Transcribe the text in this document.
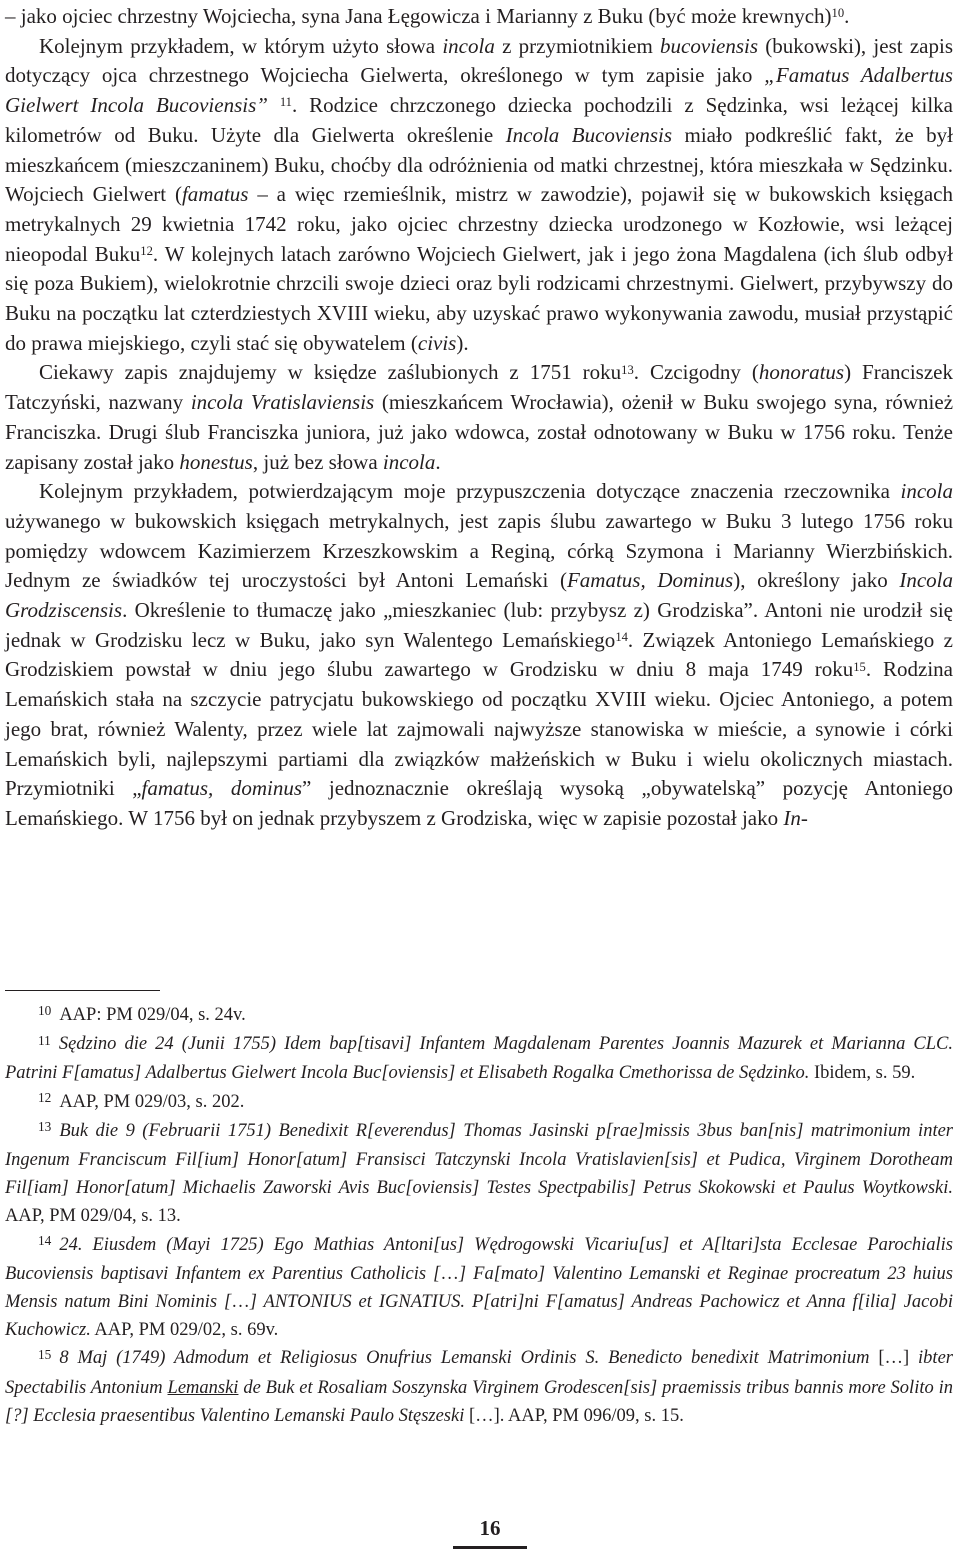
– jako ojciec chrzestny Wojciecha, syna Jana Łęgowicza i Marianny z Buku (być może krewnych)$^{10}$.

Kolejnym przykładem, w którym użyto słowa incola z przymiotnikiem bucoviensis (bukowski), jest zapis dotyczący ojca chrzestnego Wojciecha Gielwerta, określonego w tym zapisie jako „Famatus Adalbertus Gielwert Incola Bucoviensis” $^{11}$. Rodzice chrzczonego dziecka pochodzili z Sędzinka, wsi leżącej kilka kilometrów od Buku. Użyte dla Gielwerta określenie Incola Bucoviensis miało podkreślić fakt, że był mieszkańcem (mieszczaninem) Buku, choćby dla odróżnienia od matki chrzestnej, która mieszkała w Sędzinku. Wojciech Gielwert (famatus – a więc rzemieślnik, mistrz w zawodzie), pojawił się w bukowskich księgach metrykalnych 29 kwietnia 1742 roku, jako ojciec chrzestny dziecka urodzonego w Kozłowie, wsi leżącej nieopodal Buku$^{12}$. W kolejnych latach zarówno Wojciech Gielwert, jak i jego żona Magdalena (ich ślub odbył się poza Bukiem), wielokrotnie chrzcili swoje dzieci oraz byli rodzicami chrzestnymi. Gielwert, przybywszy do Buku na początku lat czterdziestych XVIII wieku, aby uzyskać prawo wykonywania zawodu, musiał przystąpić do prawa miejskiego, czyli stać się obywatelem (civis).

Ciekawy zapis znajdujemy w księdze zaślubionych z 1751 roku$^{13}$. Czcigodny (honoratus) Franciszek Tatczyński, nazwany incola Vratislaviensis (mieszkańcem Wrocławia), ożenił w Buku swojego syna, również Franciszka. Drugi ślub Franciszka juniora, już jako wdowca, został odnotowany w Buku w 1756 roku. Tenże zapisany został jako honestus, już bez słowa incola.

Kolejnym przykładem, potwierdzającym moje przypuszczenia dotyczące znaczenia rzeczownika incola używanego w bukowskich księgach metrykalnych, jest zapis ślubu zawartego w Buku 3 lutego 1756 roku pomiędzy wdowcem Kazimierzem Krzeszkowskim a Reginą, córką Szymona i Marianny Wierzbińskich. Jednym ze świadków tej uroczystości był Antoni Lemański (Famatus, Dominus), określony jako Incola Grodziscensis. Określenie to tłumaczę jako „mieszkaniec (lub: przybysz z) Grodziska”. Antoni nie urodził się jednak w Grodzisku lecz w Buku, jako syn Walentego Lemańskiego$^{14}$. Związek Antoniego Lemańskiego z Grodziskiem powstał w dniu jego ślubu zawartego w Grodzisku w dniu 8 maja 1749 roku$^{15}$. Rodzina Lemańskich stała na szczycie patrycjatu bukowskiego od początku XVIII wieku. Ojciec Antoniego, a potem jego brat, również Walenty, przez wiele lat zajmowali najwyższe stanowiska w mieście, a synowie i córki Lemańskich byli, najlepszymi partiami dla związków małżeńskich w Buku i wielu okolicznych miastach. Przymiotniki „famatus, dominus” jednoznacznie określają wysoką „obywatelską” pozycję Antoniego Lemańskiego. W 1756 był on jednak przybyszem z Grodziska, więc w zapisie pozostał jako In-

$^{10}$ AAP: PM 029/04, s. 24v.

$^{11}$ Sędzino die 24 (Junii 1755) Idem bap[tisavi] Infantem Magdalenam Parentes Joannis Mazurek et Marianna CLC. Patrini F[amatus] Adalbertus Gielwert Incola Buc[oviensis] et Elisabeth Rogalka Cmethorissa de Sędzinko. Ibidem, s. 59.

$^{12}$ AAP, PM 029/03, s. 202.

$^{13}$ Buk die 9 (Februarii 1751) Benedixit R[everendus] Thomas Jasinski p[rae]missis 3bus ban[nis] matrimonium inter Ingenum Franciscum Fil[ium] Honor[atum] Fransisci Tatczynski Incola Vratislavien[sis] et Pudica, Virginem Dorotheam Fil[iam] Honor[atum] Michaelis Zaworski Avis Buc[oviensis] Testes Spectpabilis] Petrus Skokowski et Paulus Woytkowski. AAP, PM 029/04, s. 13.

$^{14}$ 24. Eiusdem (Mayi 1725) Ego Mathias Antoni[us] Wędrogowski Vicariu[us] et A[ltari]sta Ecclesae Parochialis Bucoviensis baptisavi Infantem ex Parentius Catholicis […] Fa[mato] Valentino Lemanski et Reginae procreatum 23 huius Mensis natum Bini Nominis […] ANTONIUS et IGNATIUS. P[atri]ni F[amatus] Andreas Pachowicz et Anna f[ilia] Jacobi Kuchowicz. AAP, PM 029/02, s. 69v.

$^{15}$ 8 Maj (1749) Admodum et Religiosus Onufrius Lemanski Ordinis S. Benedicto benedixit Matrimonium […] ibter Spectabilis Antonium Lemanski de Buk et Rosaliam Soszynska Virginem Grodescen[sis] praemissis tribus bannis more Solito in [?] Ecclesia praesentibus Valentino Lemanski Paulo Stęszeski […]. AAP, PM 096/09, s. 15.

16
